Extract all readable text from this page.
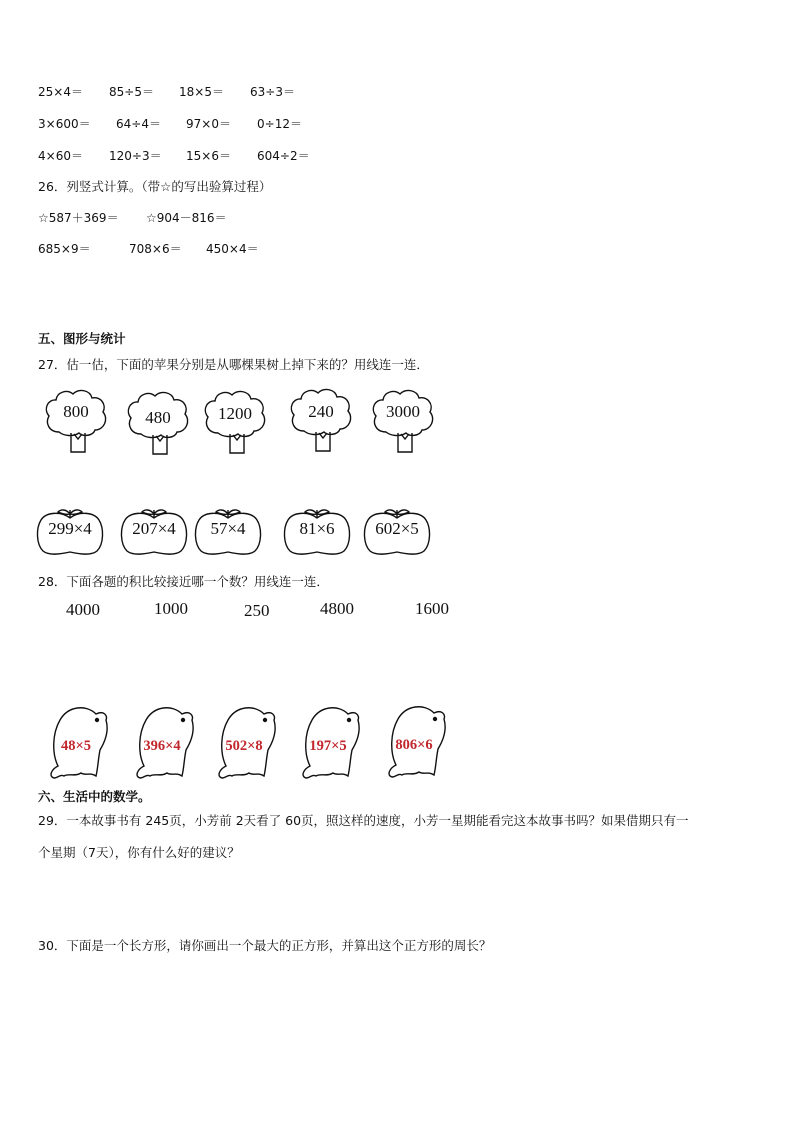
25×4＝ 85÷5＝ 18×5＝ 63÷3＝
3×600＝ 64÷4＝ 97×0＝ 0÷12＝
4×60＝ 120÷3＝ 15×6＝ 604÷2＝
26．列竖式计算。（带☆的写出验算过程）
☆587＋369＝ ☆904－816＝
685×9＝	708×6＝ 450×4＝
五、图形与统计
27．估一估，下面的苹果分别是从哪棵果树上掉下来的？用线连一连．
800	480	1200	240	3000
299×4	207×4	57×4	81×6	602×5
28．下面各题的积比较接近哪一个数？用线连一连．
4000	1000	250	4800	1600
48×5	396×4	502×8	197×5	806×6
六、生活中的数学。
29．一本故事书有 245页，小芳前 2天看了 60页，照这样的速度，小芳一星期能看完这本故事书吗？如果借期只有一
个星期（7天），你有什么好的建议？
30．下面是一个长方形，请你画出一个最大的正方形，并算出这个正方形的周长？
